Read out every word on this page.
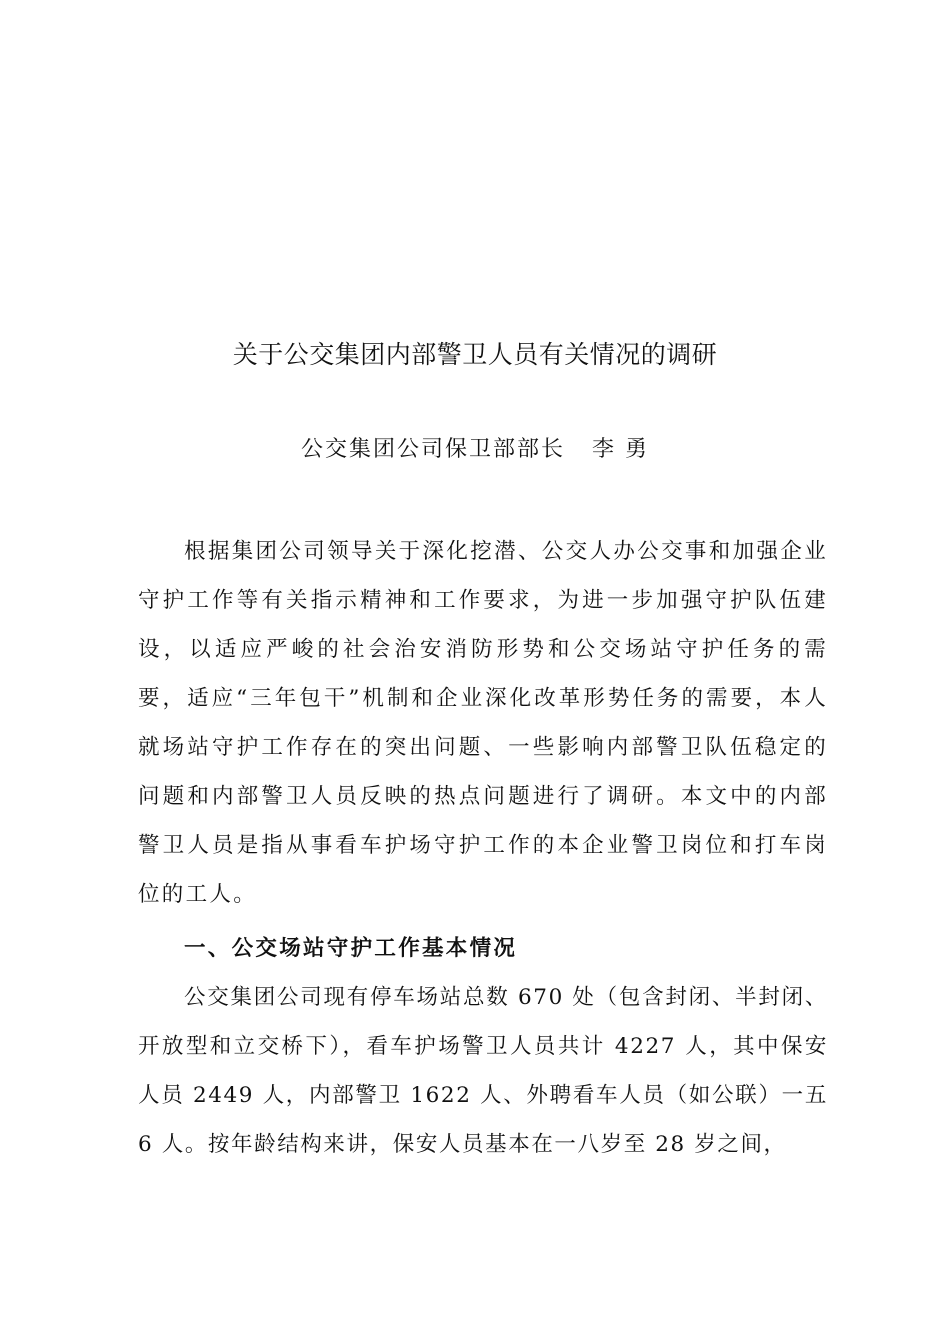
关于公交集团内部警卫人员有关情况的调研

公交集团公司保卫部部长   李 勇

根据集团公司领导关于深化挖潜、公交人办公交事和加强企业守护工作等有关指示精神和工作要求，为进一步加强守护队伍建设，以适应严峻的社会治安消防形势和公交场站守护任务的需要，适应“三年包干”机制和企业深化改革形势任务的需要，本人就场站守护工作存在的突出问题、一些影响内部警卫队伍稳定的问题和内部警卫人员反映的热点问题进行了调研。本文中的内部警卫人员是指从事看车护场守护工作的本企业警卫岗位和打车岗位的工人。

一、公交场站守护工作基本情况

公交集团公司现有停车场站总数 670 处（包含封闭、半封闭、开放型和立交桥下），看车护场警卫人员共计 4227 人，其中保安人员 2449 人，内部警卫 1622 人、外聘看车人员（如公联）一五 6 人。按年龄结构来讲，保安人员基本在一八岁至 28 岁之间，
